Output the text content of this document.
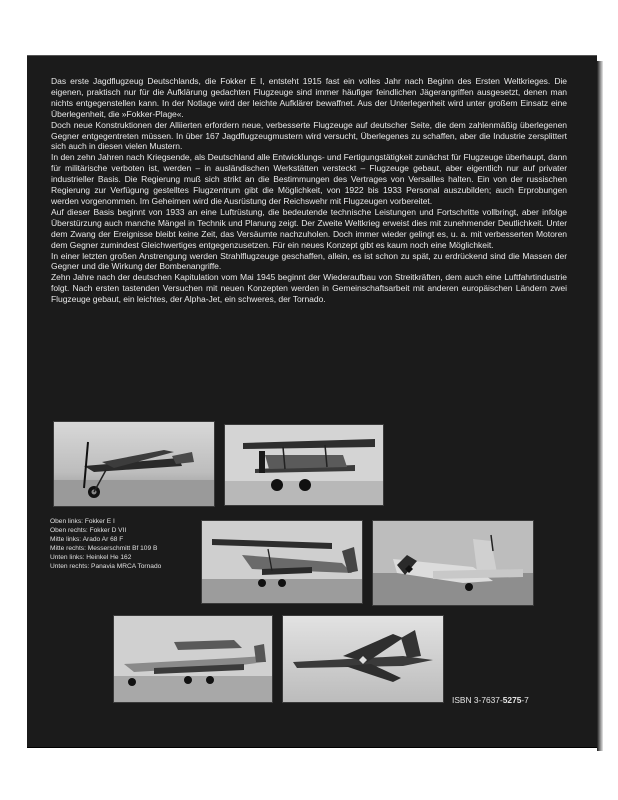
Das erste Jagdflugzeug Deutschlands, die Fokker E I, entsteht 1915 fast ein volles Jahr nach Beginn des Ersten Weltkrieges. Die eigenen, praktisch nur für die Aufklärung gedachten Flugzeuge sind immer häufiger feindlichen Jägerangriffen ausgesetzt, denen man nichts entgegenstellen kann. In der Notlage wird der leichte Aufklärer bewaffnet. Aus der Unterlegenheit wird unter großem Einsatz eine Überlegenheit, die »Fokker-Plage«.

Doch neue Konstruktionen der Alliierten erfordern neue, verbesserte Flugzeuge auf deutscher Seite, die dem zahlenmäßig überlegenen Gegner entgegentreten müssen. In über 167 Jagdflugzeugmustern wird versucht, Überlegenes zu schaffen, aber die Industrie zersplittert sich auch in diesen vielen Mustern.

In den zehn Jahren nach Kriegsende, als Deutschland alle Entwicklungs- und Fertigungstätigkeit zunächst für Flugzeuge überhaupt, dann für militärische verboten ist, werden – in ausländischen Werkstätten versteckt – Flugzeuge gebaut, aber eigentlich nur auf privater industrieller Basis. Die Regierung muß sich strikt an die Bestimmungen des Vertrages von Versailles halten. Ein von der russischen Regierung zur Verfügung gestelltes Flugzentrum gibt die Möglichkeit, von 1922 bis 1933 Personal auszubilden; auch Erprobungen werden vorgenommen. Im Geheimen wird die Ausrüstung der Reichswehr mit Flugzeugen vorbereitet.

Auf dieser Basis beginnt von 1933 an eine Luftrüstung, die bedeutende technische Leistungen und Fortschritte vollbringt, aber infolge Überstürzung auch manche Mängel in Technik und Planung zeigt. Der Zweite Weltkrieg erweist dies mit zunehmender Deutlichkeit. Unter dem Zwang der Ereignisse bleibt keine Zeit, das Versäumte nachzuholen. Doch immer wieder gelingt es, u. a. mit verbesserten Motoren dem Gegner zumindest Gleichwertiges entgegenzusetzen. Für ein neues Konzept gibt es kaum noch eine Möglichkeit.

In einer letzten großen Anstrengung werden Strahlflugzeuge geschaffen, allein, es ist schon zu spät, zu erdrückend sind die Massen der Gegner und die Wirkung der Bombenangriffe.

Zehn Jahre nach der deutschen Kapitulation vom Mai 1945 beginnt der Wiederaufbau von Streitkräften, dem auch eine Luftfahrtindustrie folgt. Nach ersten tastenden Versuchen mit neuen Konzepten werden in Gemeinschaftsarbeit mit anderen europäischen Ländern zwei Flugzeuge gebaut, ein leichtes, der Alpha-Jet, ein schweres, der Tornado.

Oben links: Fokker E I
Oben rechts: Fokker D VII
Mitte links: Arado Ar 68 F
Mitte rechts: Messerschmitt Bf 109 B
Unten links: Heinkel He 162
Unten rechts: Panavia MRCA Tornado
ISBN 3-7637-5275-7
